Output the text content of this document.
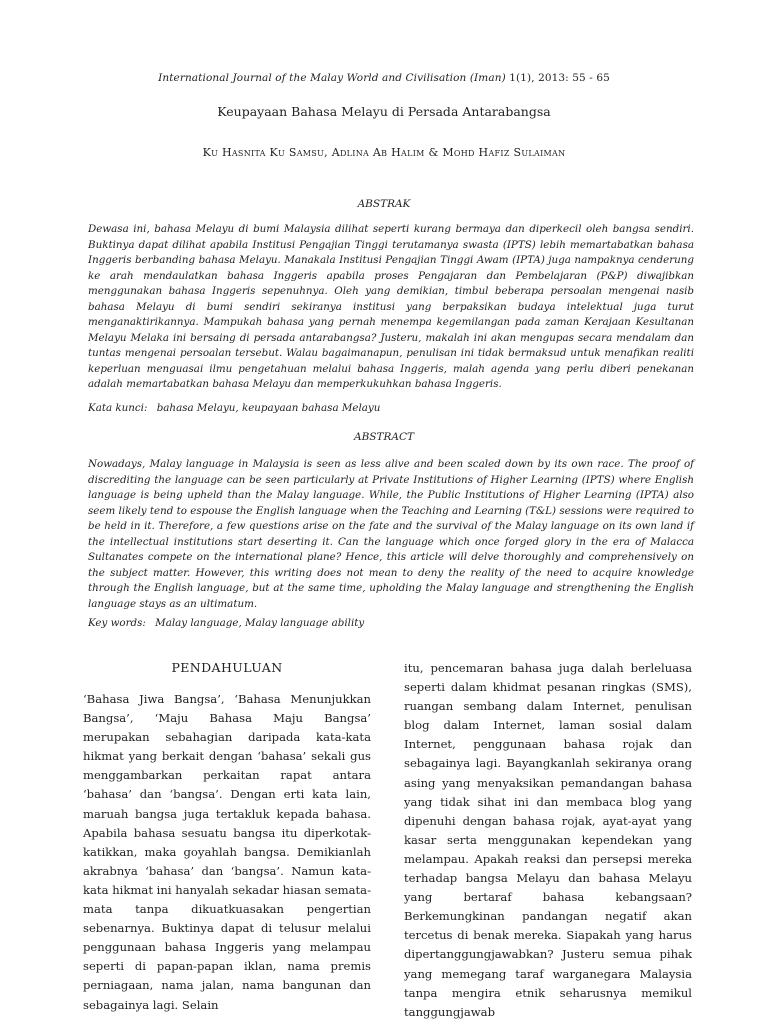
International Journal of the Malay World and Civilisation (Iman) 1(1), 2013: 55 - 65
Keupayaan Bahasa Melayu di Persada Antarabangsa
Ku Hasnita Ku Samsu, Adlina Ab Halim & Mohd Hafiz Sulaiman
ABSTRAK
Dewasa ini, bahasa Melayu di bumi Malaysia dilihat seperti kurang bermaya dan diperkecil oleh bangsa sendiri. Buktinya dapat dilihat apabila Institusi Pengajian Tinggi terutamanya swasta (IPTS) lebih memartabatkan bahasa Inggeris berbanding bahasa Melayu. Manakala Institusi Pengajian Tinggi Awam (IPTA) juga nampaknya cenderung ke arah mendaulatkan bahasa Inggeris apabila proses Pengajaran dan Pembelajaran (P&P) diwajibkan menggunakan bahasa Inggeris sepenuhnya. Oleh yang demikian, timbul beberapa persoalan mengenai nasib bahasa Melayu di bumi sendiri sekiranya institusi yang berpaksikan budaya intelektual juga turut menganaktirikannya. Mampukah bahasa yang pernah menempa kegemilangan pada zaman Kerajaan Kesultanan Melayu Melaka ini bersaing di persada antarabangsa? Justeru, makalah ini akan mengupas secara mendalam dan tuntas mengenai persoalan tersebut. Walau bagaimanapun, penulisan ini tidak bermaksud untuk menafikan realiti keperluan menguasai ilmu pengetahuan melalui bahasa Inggeris, malah agenda yang perlu diberi penekanan adalah memartabatkan bahasa Melayu dan memperkukuhkan bahasa Inggeris.
Kata kunci: bahasa Melayu, keupayaan bahasa Melayu
ABSTRACT
Nowadays, Malay language in Malaysia is seen as less alive and been scaled down by its own race. The proof of discrediting the language can be seen particularly at Private Institutions of Higher Learning (IPTS) where English language is being upheld than the Malay language. While, the Public Institutions of Higher Learning (IPTA) also seem likely tend to espouse the English language when the Teaching and Learning (T&L) sessions were required to be held in it. Therefore, a few questions arise on the fate and the survival of the Malay language on its own land if the intellectual institutions start deserting it. Can the language which once forged glory in the era of Malacca Sultanates compete on the international plane? Hence, this article will delve thoroughly and comprehensively on the subject matter. However, this writing does not mean to deny the reality of the need to acquire knowledge through the English language, but at the same time, upholding the Malay language and strengthening the English language stays as an ultimatum.
Key words: Malay language, Malay language ability
PENDAHULUAN
‘Bahasa Jiwa Bangsa’, ‘Bahasa Menunjukkan Bangsa’, ‘Maju Bahasa Maju Bangsa’ merupakan sebahagian daripada kata-kata hikmat yang berkait dengan ‘bahasa’ sekali gus menggambarkan perkaitan rapat antara ‘bahasa’ dan ‘bangsa’. Dengan erti kata lain, maruah bangsa juga tertakluk kepada bahasa. Apabila bahasa sesuatu bangsa itu diperkotak-katikkan, maka goyahlah bangsa. Demikianlah akrabnya ‘bahasa’ dan ‘bangsa’. Namun kata-kata hikmat ini hanyalah sekadar hiasan semata-mata tanpa dikuatkuasakan pengertian sebenarnya. Buktinya dapat di telusur melalui penggunaan bahasa Inggeris yang melampau seperti di papan-papan iklan, nama premis perniagaan, nama jalan, nama bangunan dan sebagainya lagi. Selain
itu, pencemaran bahasa juga dalah berleluasa seperti dalam khidmat pesanan ringkas (SMS), ruangan sembang dalam Internet, penulisan blog dalam Internet, laman sosial dalam Internet, penggunaan bahasa rojak dan sebagainya lagi. Bayangkanlah sekiranya orang asing yang menyaksikan pemandangan bahasa yang tidak sihat ini dan membaca blog yang dipenuhi dengan bahasa rojak, ayat-ayat yang kasar serta menggunakan kependekan yang melampau. Apakah reaksi dan persepsi mereka terhadap bangsa Melayu dan bahasa Melayu yang bertaraf bahasa kebangsaan? Berkemungkinan pandangan negatif akan tercetus di benak mereka. Siapakah yang harus dipertanggungjawabkan? Justeru semua pihak yang memegang taraf warganegara Malaysia tanpa mengira etnik seharusnya memikul tanggungjawab
